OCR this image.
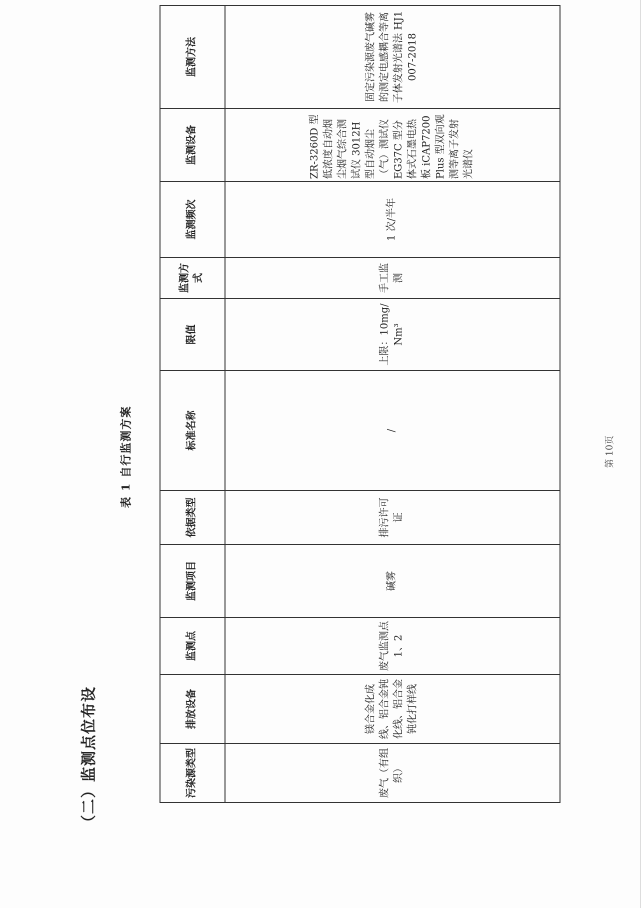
（二）监测点位布设
表 1 自行监测方案
污染源类型	排放设备	监测点	监测项目	依据类型	标准名称	限值	监测方式	监测频次	监测设备	监测方法
废气（有组织）	镁合金化成线、铝合金钝化线、铝合金钝化打样线	废气监测点 1、2	碱雾	排污许可证	/	上限：10mg/Nm³	手工监测	1 次/半年	ZR-3260D 型低浓度自动烟尘烟气综合测试仪 3012H 型自动烟尘（气）测试仪 EG37C 型分体式石墨电热板 iCAP7200Plus 型双向观测等离子发射光谱仪	固定污染源废气碱雾的测定电感耦合等离子体发射光谱法 HJ1007-2018
第 10页
